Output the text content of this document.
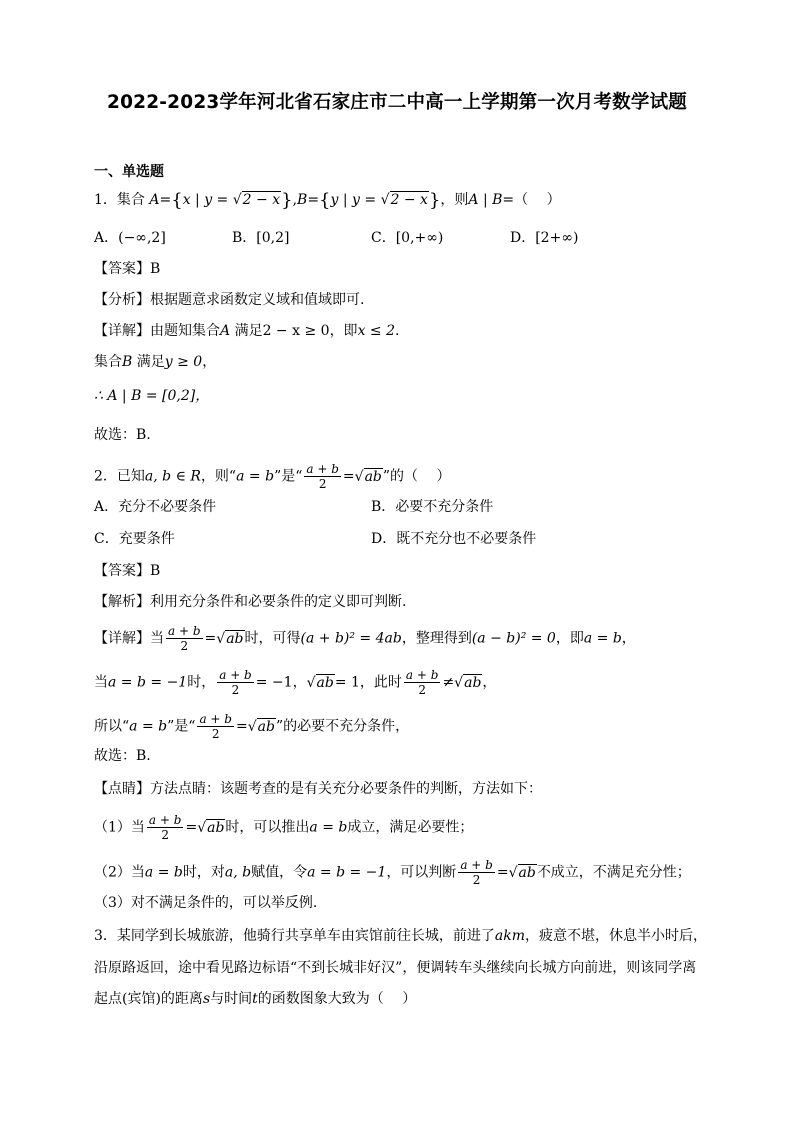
2022-2023学年河北省石家庄市二中高一上学期第一次月考数学试题
一、单选题
1．集合 A={x | y = √2 − x},B={y | y = √2 − x}，则A | B=（　 ）
A．(−∞,2]	B．[0,2]	C．[0,+∞)	D．[2+∞)
【答案】B
【分析】根据题意求函数定义域和值域即可.
【详解】由题知集合A 满足2 − x ≥ 0，即x ≤ 2.
集合B 满足y ≥ 0，
∴ A | B = [0,2]，
故选：B.
2．已知a, b ∈ R，则“a = b”是“ $\frac{a + b}{2} =√ab$”的（　 ）
A．充分不必要条件	B．必要不充分条件
C．充要条件	D．既不充分也不必要条件
【答案】B
【解析】利用充分条件和必要条件的定义即可判断.
【详解】当 $\frac{a + b}{2} =√ab$时，可得(a + b)² = 4ab，整理得到(a − b)² = 0，即a = b，
当a = b = −1时， $\frac{a + b}{2} = -1$，√ab= 1，此时 $\frac{a + b}{2} \ne√ab$，
所以“a = b”是“ $\frac{a + b}{2} =√ab$”的必要不充分条件，
故选：B.
【点睛】方法点睛：该题考查的是有关充分必要条件的判断，方法如下：
（1）当 $\frac{a + b}{2} =√ab$时，可以推出a = b成立，满足必要性；
（2）当a = b时，对a, b赋值，令a = b = −1，可以判断 $\frac{a + b}{2} =√ab$不成立，不满足充分性；
（3）对不满足条件的，可以举反例.
3．某同学到长城旅游，他骑行共享单车由宾馆前往长城，前进了akm，疲意不堪，休息半小时后，
沿原路返回，途中看见路边标语“不到长城非好汉”，便调转车头继续向长城方向前进，则该同学离
起点(宾馆)的距离s与时间t的函数图象大致为（　 ）
